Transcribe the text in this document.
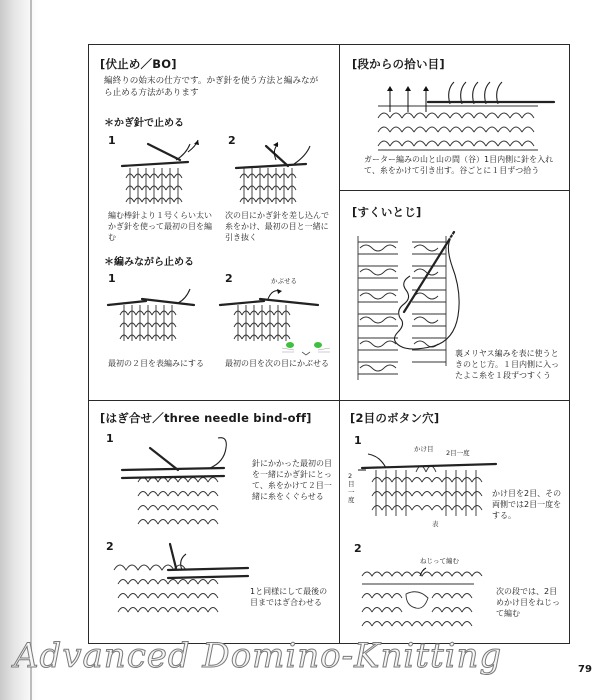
[伏止め／BO]
編終りの始末の仕方です。かぎ針を使う方法と編みながら止める方法があります
＊かぎ針で止める
1	2
編む棒針より１号くらい太いかぎ針を使って最初の目を編む
次の目にかぎ針を差し込んで糸をかけ、最初の目と一緒に引き抜く
＊編みながら止める
1	2	かぶせる
最初の２目を表編みにする	最初の目を次の目にかぶせる
[段からの拾い目]
ガーター編みの山と山の間（谷）1目内側に針を入れて、糸をかけて引き出す。谷ごとに１目ずつ拾う
[すくいとじ]
裏メリヤス編みを表に使うときのとじ方。１目内側に入ったよこ糸を１段ずつすくう
[はぎ合せ／three needle bind-off]
1
2
針にかかった最初の目を一緒にかぎ針にとって、糸をかけて２目一緒に糸をくぐらせる
1と同様にして最後の目まではぎ合わせる
[2目のボタン穴]
1
かけ目 2目一度
2目一度
表
かけ目を2目、その両側では2目一度をする。
2
ねじって編む
次の段では、2目めかけ目をねじって編む
Advanced Domino-Knitting	79
